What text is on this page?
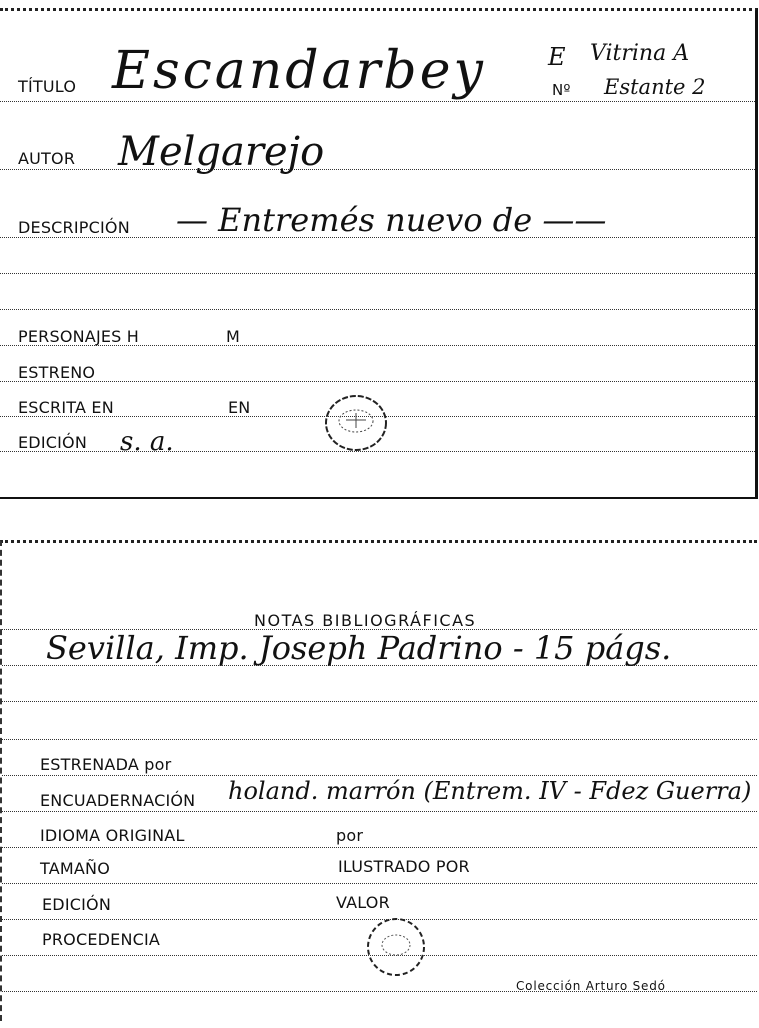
TÍTULO Escandarbey	E Vitrina A
Nº Estante 2
AUTOR Melgarejo
DESCRIPCIÓN — Entremés nuevo de ——
PERSONAJES H	M
ESTRENO
ESCRITA EN	EN
EDICIÓN s. a.
NOTAS BIBLIOGRÁFICAS
Sevilla, Imp. Joseph Padrino - 15 págs.
ESTRENADA por
ENCUADERNACIÓN holand. marrón (Entrem. IV - Fdez Guerra)
IDIOMA ORIGINAL	por
TAMAÑO	ILUSTRADO POR
EDICIÓN	VALOR
PROCEDENCIA
Colección Arturo Sedó
